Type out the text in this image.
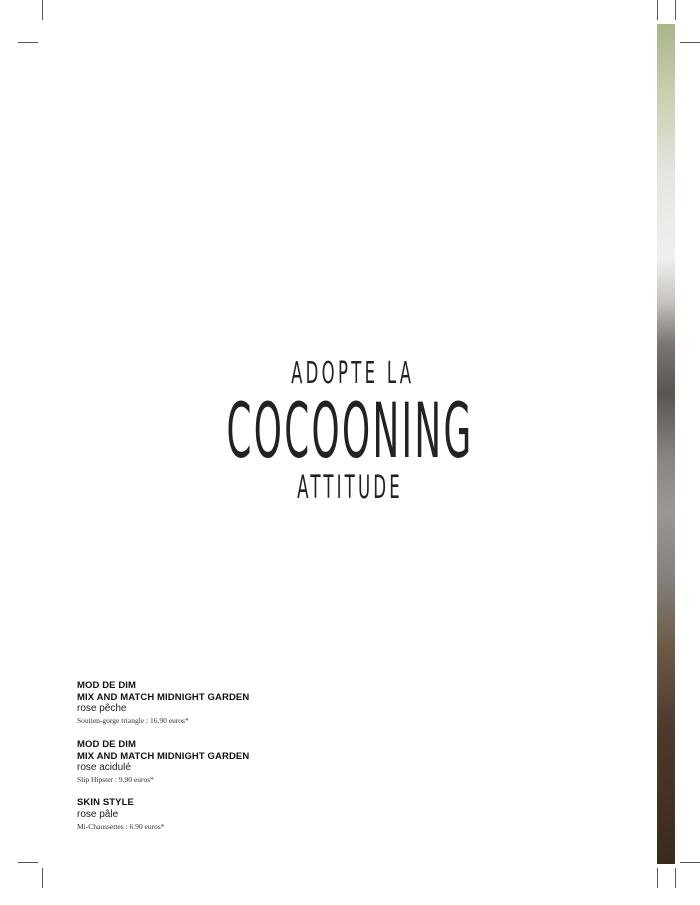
ADOPTE LA
COCOONING
ATTITUDE
MOD DE DIM
MIX AND MATCH MIDNIGHT GARDEN
rose pêche
Soutien-gorge triangle : 16.90 euros*
MOD DE DIM
MIX AND MATCH MIDNIGHT GARDEN
rose acidulé
Slip Hipster : 9.90 euros*
SKIN STYLE
rose pâle
Mi-Chaussettes : 6.90 euros*
